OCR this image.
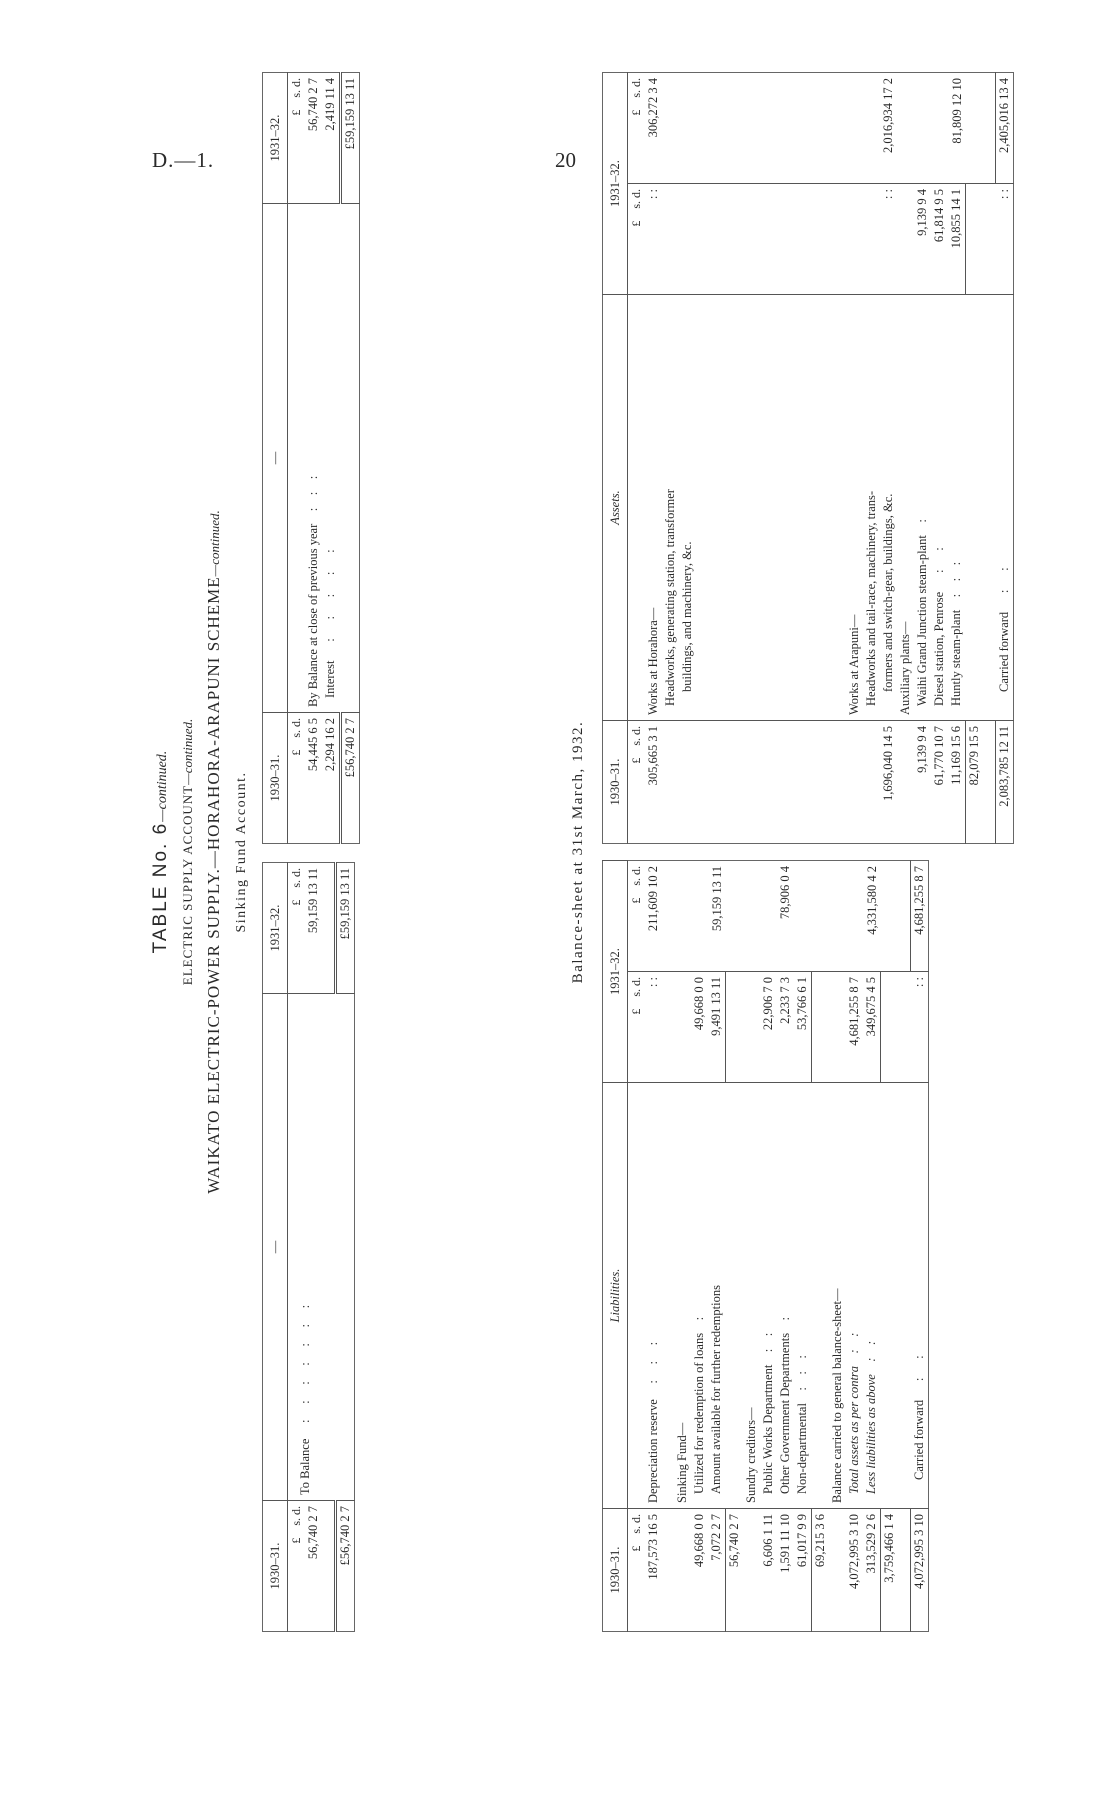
D.—1.	20
TABLE No. 6—continued. ELECTRIC SUPPLY ACCOUNT—continued. WAIKATO ELECTRIC-POWER SUPPLY.—HORAHORA-ARAPUNI SCHEME—continued.
Sinking Fund Account.
1930–31.	—	1931–32.
£    s. d.	To Balance     :     :     :     :     :     :     :	£    s. d.
56,740 2 7		59,159 13 11

£56,740 2 7		£59,159 13 11
1930–31.	—	1931–32.
£    s. d.		£    s. d.
54,445 6 5	By Balance at close of previous year    :    :    :	56,740 2 7
2,294 16 2	Interest      :      :      :      :      :	2,419 11 4
£56,740 2 7		£59,159 13 11
Balance-sheet at 31st March, 1932.
1930–31.	Liabilities.	1931–32.	
£    s. d.		£    s. d.	£    s. d.
187,573 16 5	Depreciation reserve     :     :     :	: :	211,609 10 2

	Sinking Fund—		
49,668 0 0	Utilized for redemption of loans    :	49,668 0 0	
7,072 2 7	Amount available for further redemptions	9,491 13 11	59,159 13 11
56,740 2 7			
	Sundry creditors—		
6,606 1 11	Public Works Department    :    :	22,906 7 0	
1,591 11 10	Other Government Departments    :	2,233 7 3	78,906 0 4
61,017 9 9	Non-departmental    :    :    :	53,766 6 1	
69,215 3 6			
	Balance carried to general balance-sheet—		
4,072,995 3 10	Total assets as per contra    :    :	4,681,255 8 7	
313,529 2 6	Less liabilities as above    :    :	349,675 4 5	4,331,580 4 2
3,759,466 1 4			

4,072,995 3 10	Carried forward      :      :	: :	4,681,255 8 7
1930–31.	Assets.	1931–32.	
£    s. d.		£    s. d.	£    s. d.
305,665 3 1	Works at Horahora—	: :	306,272 3 4
	Headworks, generating station, transformer		
	buildings, and machinery, &c.		

	Works at Arapuni—		
	Headworks and tail-race, machinery, trans-		
1,696,040 14 5	formers and switch-gear, buildings, &c.	: :	2,016,934 17 2
	Auxiliary plants—		
9,139 9 4	Waihi Grand Junction steam-plant    :	9,139 9 4	
61,770 10 7	Diesel station, Penrose      :      :	61,814 9 5	
11,169 15 6	Huntly steam-plant    :    :    :	10,855 14 1	81,809 12 10
82,079 15 5			

2,083,785 12 11	Carried forward      :      :	: :	2,405,016 13 4
